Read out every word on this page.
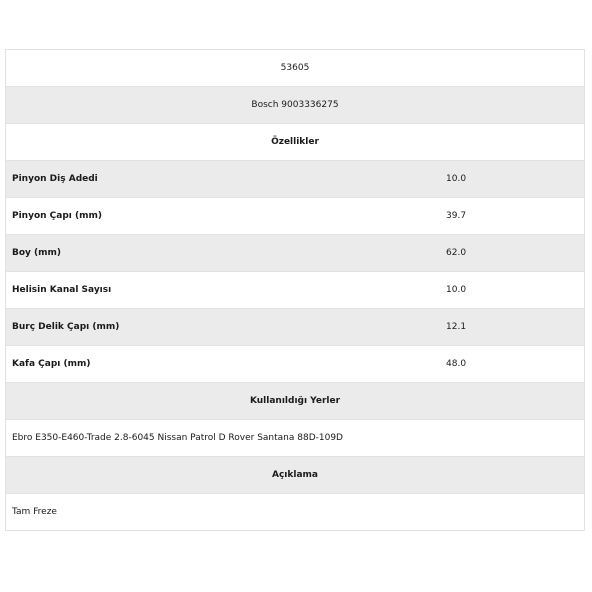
53605
Bosch 9003336275
Özellikler
Pinyon Diş Adedi	10.0
Pinyon Çapı (mm)	39.7
Boy (mm)	62.0
Helisin Kanal Sayısı	10.0
Burç Delik Çapı (mm)	12.1
Kafa Çapı (mm)	48.0
Kullanıldığı Yerler
Ebro E350-E460-Trade 2.8-6045 Nissan Patrol D Rover Santana 88D-109D
Açıklama
Tam Freze
